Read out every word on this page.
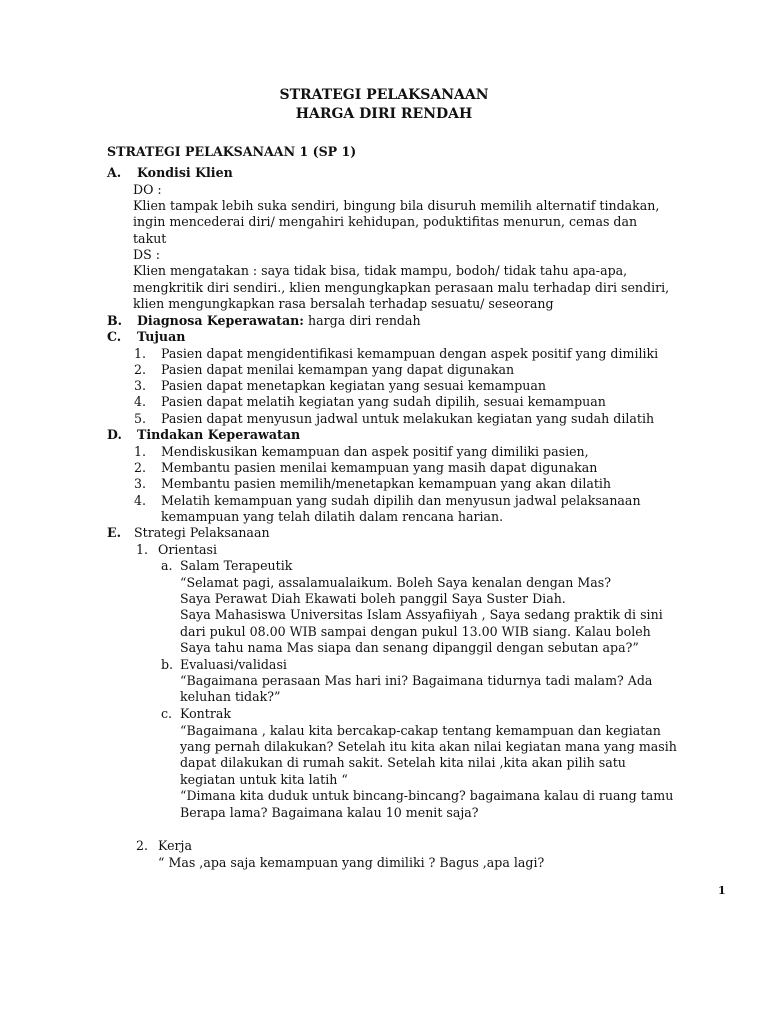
STRATEGI PELAKSANAAN
HARGA DIRI RENDAH
STRATEGI PELAKSANAAN 1 (SP 1)
A. Kondisi Klien
DO :
Klien tampak lebih suka sendiri, bingung bila disuruh memilih alternatif tindakan,
ingin mencederai diri/ mengahiri kehidupan, poduktifitas menurun, cemas dan
takut
DS :
Klien mengatakan : saya tidak bisa, tidak mampu, bodoh/ tidak tahu apa-apa,
mengkritik diri sendiri., klien mengungkapkan perasaan malu terhadap diri sendiri,
klien mengungkapkan rasa bersalah terhadap sesuatu/ seseorang
B. Diagnosa Keperawatan: harga diri rendah
C. Tujuan
1. Pasien dapat mengidentifikasi kemampuan dengan aspek positif yang dimiliki
2. Pasien dapat menilai kemampan yang dapat digunakan
3. Pasien dapat menetapkan kegiatan yang sesuai kemampuan
4. Pasien dapat melatih kegiatan yang sudah dipilih, sesuai kemampuan
5. Pasien dapat menyusun jadwal untuk melakukan kegiatan yang sudah dilatih
D. Tindakan Keperawatan
1. Mendiskusikan kemampuan dan aspek positif yang dimiliki pasien,
2. Membantu pasien menilai kemampuan yang masih dapat digunakan
3. Membantu pasien memilih/menetapkan kemampuan yang akan dilatih
4. Melatih kemampuan yang sudah dipilih dan menyusun jadwal pelaksanaan
kemampuan yang telah dilatih dalam rencana harian.
E. Strategi Pelaksanaan
1. Orientasi
a. Salam Terapeutik
“Selamat pagi, assalamualaikum. Boleh Saya kenalan dengan Mas?
Saya Perawat Diah Ekawati boleh panggil Saya Suster Diah.
Saya Mahasiswa Universitas Islam Assyafiiyah , Saya sedang praktik di sini
dari pukul 08.00 WIB sampai dengan pukul 13.00 WIB siang. Kalau boleh
Saya tahu nama Mas siapa dan senang dipanggil dengan sebutan apa?”
b. Evaluasi/validasi
“Bagaimana perasaan Mas hari ini? Bagaimana tidurnya tadi malam? Ada
keluhan tidak?”
c. Kontrak
“Bagaimana , kalau kita bercakap-cakap tentang kemampuan dan kegiatan
yang pernah dilakukan? Setelah itu kita akan nilai kegiatan mana yang masih
dapat dilakukan di rumah sakit. Setelah kita nilai ,kita akan pilih satu
kegiatan untuk kita latih “
“Dimana kita duduk untuk bincang-bincang? bagaimana kalau di ruang tamu
Berapa lama? Bagaimana kalau 10 menit saja?
2. Kerja
“ Mas ,apa saja kemampuan yang dimiliki ? Bagus ,apa lagi?
1
